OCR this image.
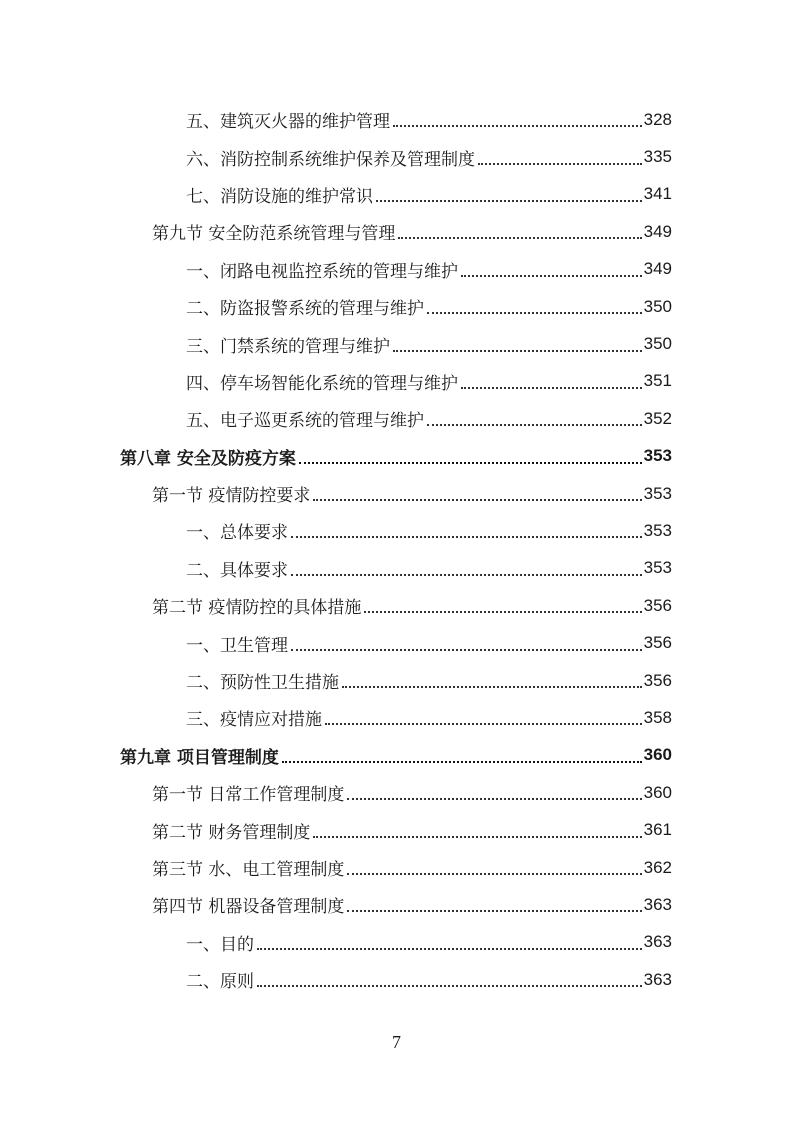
五、建筑灭火器的维护管理	328
六、消防控制系统维护保养及管理制度	335
七、消防设施的维护常识	341
第九节 安全防范系统管理与管理	349
一、闭路电视监控系统的管理与维护	349
二、防盗报警系统的管理与维护	350
三、门禁系统的管理与维护	350
四、停车场智能化系统的管理与维护	351
五、电子巡更系统的管理与维护	352
第八章 安全及防疫方案	353
第一节 疫情防控要求	353
一、总体要求	353
二、具体要求	353
第二节 疫情防控的具体措施	356
一、卫生管理	356
二、预防性卫生措施	356
三、疫情应对措施	358
第九章 项目管理制度	360
第一节 日常工作管理制度	360
第二节 财务管理制度	361
第三节 水、电工管理制度	362
第四节 机器设备管理制度	363
一、目的	363
二、原则	363
7
